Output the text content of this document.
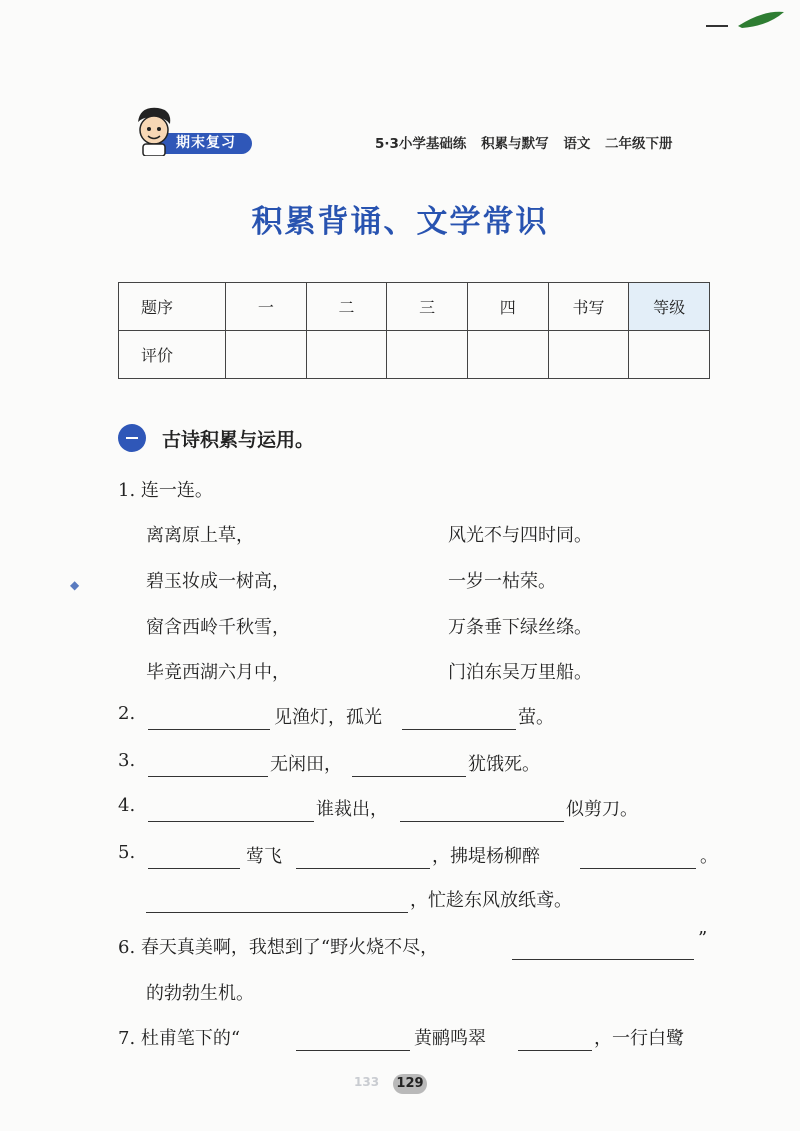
期末复习	5·3小学基础练 积累与默写 语文 二年级下册
积累背诵、文学常识
题序	一	二	三	四	书写	等级
评价						
古诗积累与运用。
1. 连一连。
离离原上草，
碧玉妆成一树高，
窗含西岭千秋雪，
毕竟西湖六月中，
风光不与四时同。
一岁一枯荣。
万条垂下绿丝绦。
门泊东吴万里船。
◆
2.	见渔灯，孤光	萤。
3.	无闲田，	犹饿死。
4.	谁裁出，	似剪刀。
5.	莺飞	，拂堤杨柳醉	。
，忙趁东风放纸鸢。
6. 春天真美啊，我想到了“野火烧不尽，	”
的勃勃生机。
7. 杜甫笔下的“	黄鹂鸣翠	，一行白鹭
133 129
